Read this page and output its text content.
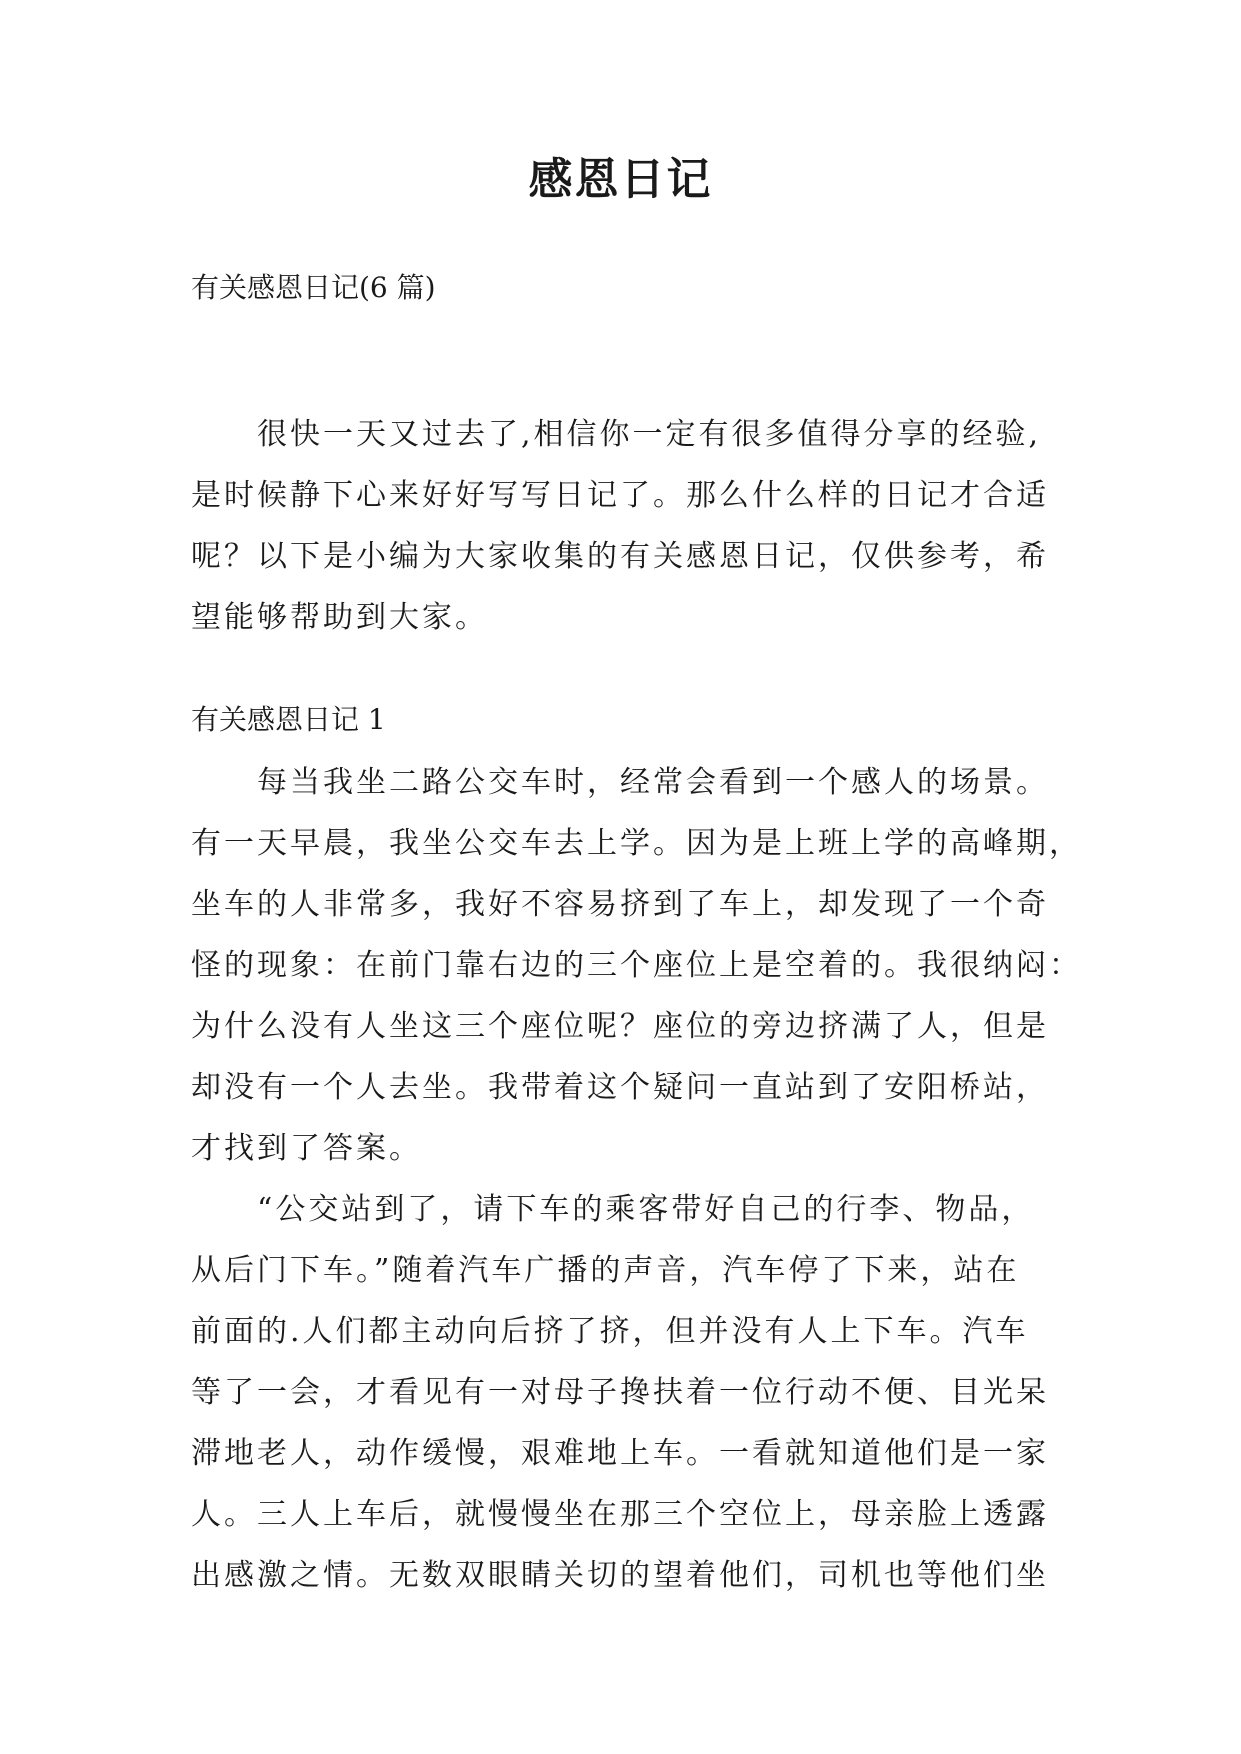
感恩日记

有关感恩日记(6 篇)

很快一天又过去了,相信你一定有很多值得分享的经验,
是时候静下心来好好写写日记了。那么什么样的日记才合适
呢？以下是小编为大家收集的有关感恩日记，仅供参考，希
望能够帮助到大家。

有关感恩日记 1

每当我坐二路公交车时，经常会看到一个感人的场景。
有一天早晨，我坐公交车去上学。因为是上班上学的高峰期，
坐车的人非常多，我好不容易挤到了车上，却发现了一个奇
怪的现象：在前门靠右边的三个座位上是空着的。我很纳闷：
为什么没有人坐这三个座位呢？座位的旁边挤满了人，但是
却没有一个人去坐。我带着这个疑问一直站到了安阳桥站，
才找到了答案。
“公交站到了，请下车的乘客带好自己的行李、物品，
从后门下车。”随着汽车广播的声音，汽车停了下来，站在
前面的.人们都主动向后挤了挤，但并没有人上下车。汽车
等了一会，才看见有一对母子搀扶着一位行动不便、目光呆
滞地老人，动作缓慢，艰难地上车。一看就知道他们是一家
人。三人上车后，就慢慢坐在那三个空位上，母亲脸上透露
出感激之情。无数双眼睛关切的望着他们，司机也等他们坐
